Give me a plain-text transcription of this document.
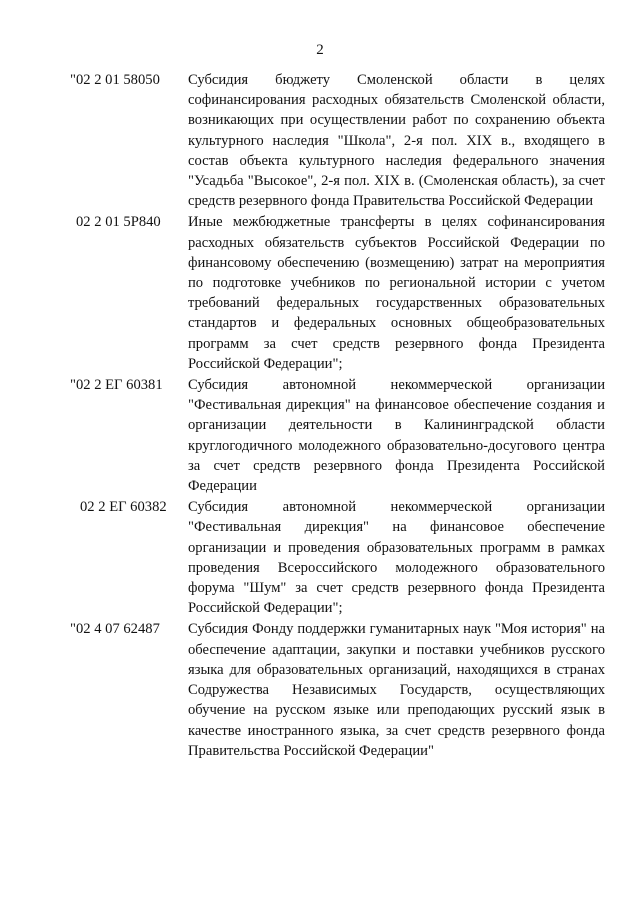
2
"02 2 01 58050	Субсидия бюджету Смоленской области в целях софинансирования расходных обязательств Смоленской области, возникающих при осуществлении работ по сохранению объекта культурного наследия "Школа", 2-я пол. XIX в., входящего в состав объекта культурного наследия федерального значения "Усадьба "Высокое", 2-я пол. XIX в. (Смоленская область), за счет средств резервного фонда Правительства Российской Федерации
02 2 01 5Р840	Иные межбюджетные трансферты в целях софинансирования расходных обязательств субъектов Российской Федерации по финансовому обеспечению (возмещению) затрат на мероприятия по подготовке учебников по региональной истории с учетом требований федеральных государственных образовательных стандартов и федеральных основных общеобразовательных программ за счет средств резервного фонда Президента Российской Федерации";
"02 2 ЕГ 60381	Субсидия автономной некоммерческой организации "Фестивальная дирекция" на финансовое обеспечение создания и организации деятельности в Калининградской области круглогодичного молодежного образовательно-досугового центра за счет средств резервного фонда Президента Российской Федерации
02 2 ЕГ 60382	Субсидия автономной некоммерческой организации "Фестивальная дирекция" на финансовое обеспечение организации и проведения образовательных программ в рамках проведения Всероссийского молодежного образовательного форума "Шум" за счет средств резервного фонда Президента Российской Федерации";
"02 4 07 62487	Субсидия Фонду поддержки гуманитарных наук "Моя история" на обеспечение адаптации, закупки и поставки учебников русского языка для образовательных организаций, находящихся в странах Содружества Независимых Государств, осуществляющих обучение на русском языке или преподающих русский язык в качестве иностранного языка, за счет средств резервного фонда Правительства Российской Федерации"
